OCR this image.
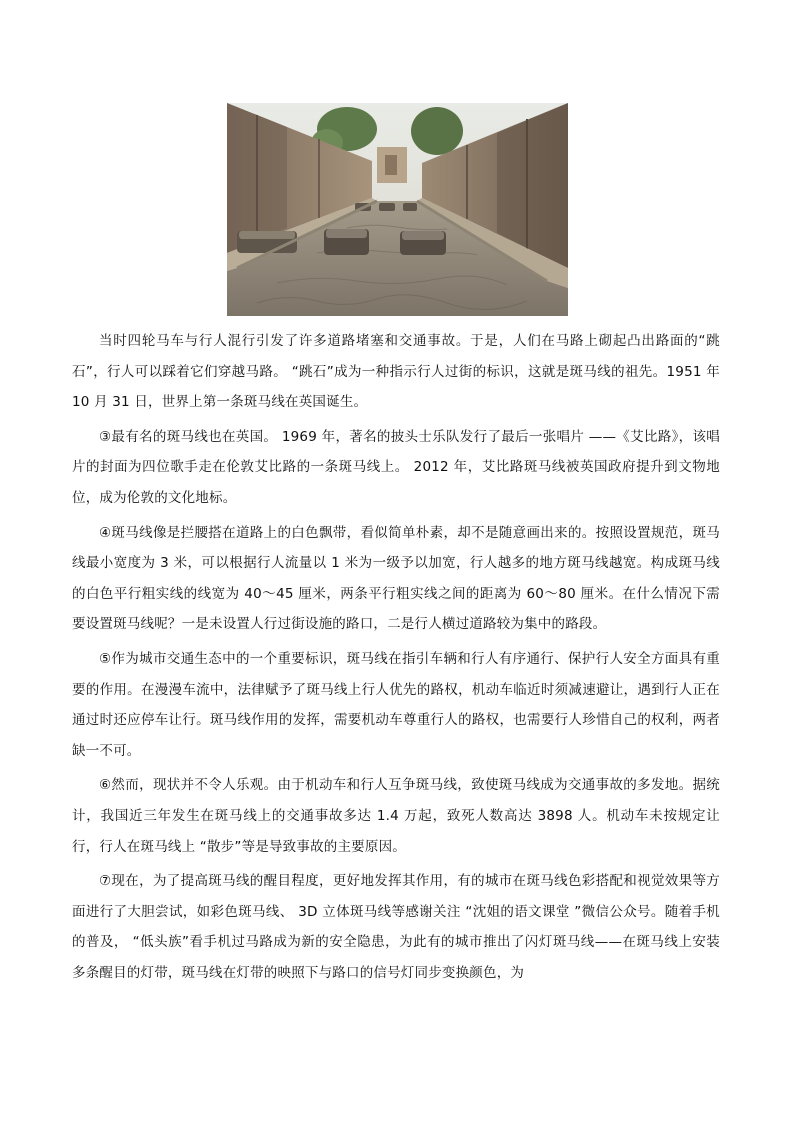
当时四轮马车与行人混行引发了许多道路堵塞和交通事故。于是，人们在马路上砌起凸出路面的“跳石”，行人可以踩着它们穿越马路。 “跳石”成为一种指示行人过街的标识，这就是斑马线的祖先。1951 年 10 月 31 日，世界上第一条斑马线在英国诞生。

③最有名的斑马线也在英国。 1969 年，著名的披头士乐队发行了最后一张唱片 ——《艾比路》，该唱片的封面为四位歌手走在伦敦艾比路的一条斑马线上。 2012 年，艾比路斑马线被英国政府提升到文物地位，成为伦敦的文化地标。

④斑马线像是拦腰搭在道路上的白色飘带，看似简单朴素，却不是随意画出来的。按照设置规范，斑马线最小宽度为 3 米，可以根据行人流量以 1 米为一级予以加宽，行人越多的地方斑马线越宽。构成斑马线的白色平行粗实线的线宽为 40～45 厘米，两条平行粗实线之间的距离为 60～80 厘米。在什么情况下需要设置斑马线呢？一是未设置人行过街设施的路口，二是行人横过道路较为集中的路段。

⑤作为城市交通生态中的一个重要标识，斑马线在指引车辆和行人有序通行、保护行人安全方面具有重要的作用。在漫漫车流中，法律赋予了斑马线上行人优先的路权，机动车临近时须减速避让，遇到行人正在通过时还应停车让行。斑马线作用的发挥，需要机动车尊重行人的路权，也需要行人珍惜自己的权利，两者缺一不可。

⑥然而，现状并不令人乐观。由于机动车和行人互争斑马线，致使斑马线成为交通事故的多发地。据统计，我国近三年发生在斑马线上的交通事故多达 1.4 万起，致死人数高达 3898 人。机动车未按规定让行，行人在斑马线上 “散步”等是导致事故的主要原因。

⑦现在，为了提高斑马线的醒目程度，更好地发挥其作用，有的城市在斑马线色彩搭配和视觉效果等方面进行了大胆尝试，如彩色斑马线、 3D 立体斑马线等感谢关注 “沈姐的语文课堂 ”微信公众号。随着手机的普及， “低头族”看手机过马路成为新的安全隐患，为此有的城市推出了闪灯斑马线——在斑马线上安装多条醒目的灯带，斑马线在灯带的映照下与路口的信号灯同步变换颜色，为
